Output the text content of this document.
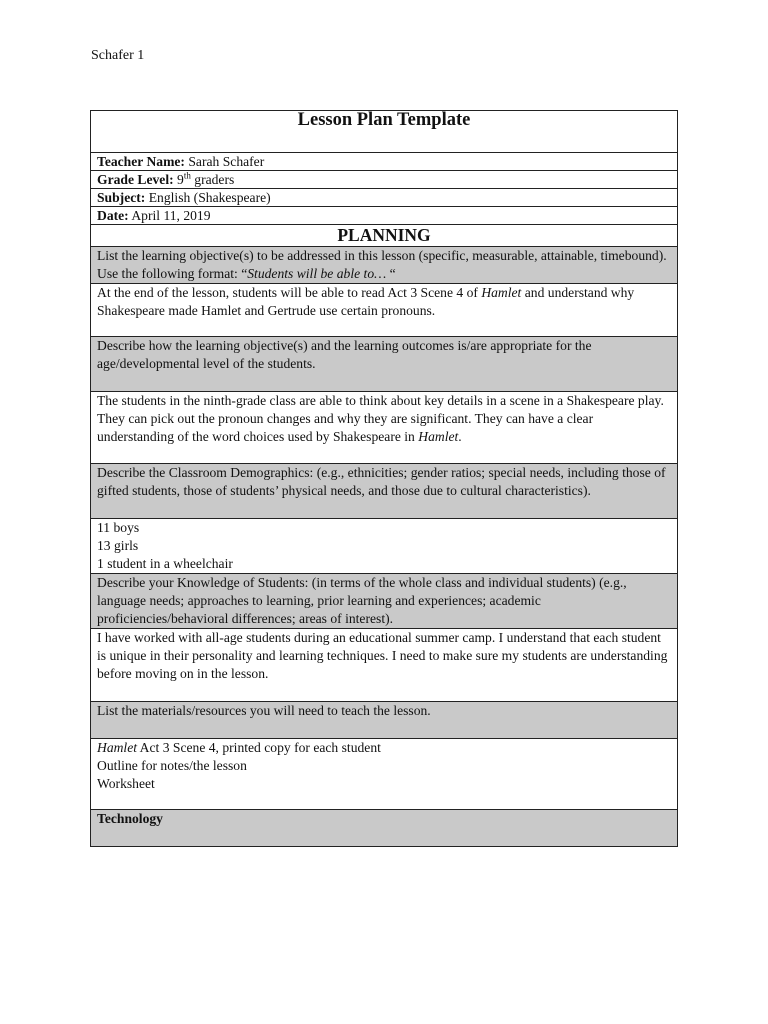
Schafer 1
Lesson Plan Template
Teacher Name: Sarah Schafer
Grade Level: 9th graders
Subject: English (Shakespeare)
Date: April 11, 2019
PLANNING
List the learning objective(s) to be addressed in this lesson (specific, measurable, attainable, timebound). Use the following format: “Students will be able to… “
At the end of the lesson, students will be able to read Act 3 Scene 4 of Hamlet and understand why Shakespeare made Hamlet and Gertrude use certain pronouns.
Describe how the learning objective(s) and the learning outcomes is/are appropriate for the age/developmental level of the students.
The students in the ninth-grade class are able to think about key details in a scene in a Shakespeare play. They can pick out the pronoun changes and why they are significant. They can have a clear understanding of the word choices used by Shakespeare in Hamlet.
Describe the Classroom Demographics: (e.g., ethnicities; gender ratios; special needs, including those of gifted students, those of students’ physical needs, and those due to cultural characteristics).

11 boys
13 girls
1 student in a wheelchair

Describe your Knowledge of Students: (in terms of the whole class and individual students) (e.g., language needs; approaches to learning, prior learning and experiences; academic proficiencies/behavioral differences; areas of interest).
I have worked with all-age students during an educational summer camp. I understand that each student is unique in their personality and learning techniques. I need to make sure my students are understanding before moving on in the lesson.
List the materials/resources you will need to teach the lesson.

Hamlet Act 3 Scene 4, printed copy for each student
Outline for notes/the lesson
Worksheet

Technology
